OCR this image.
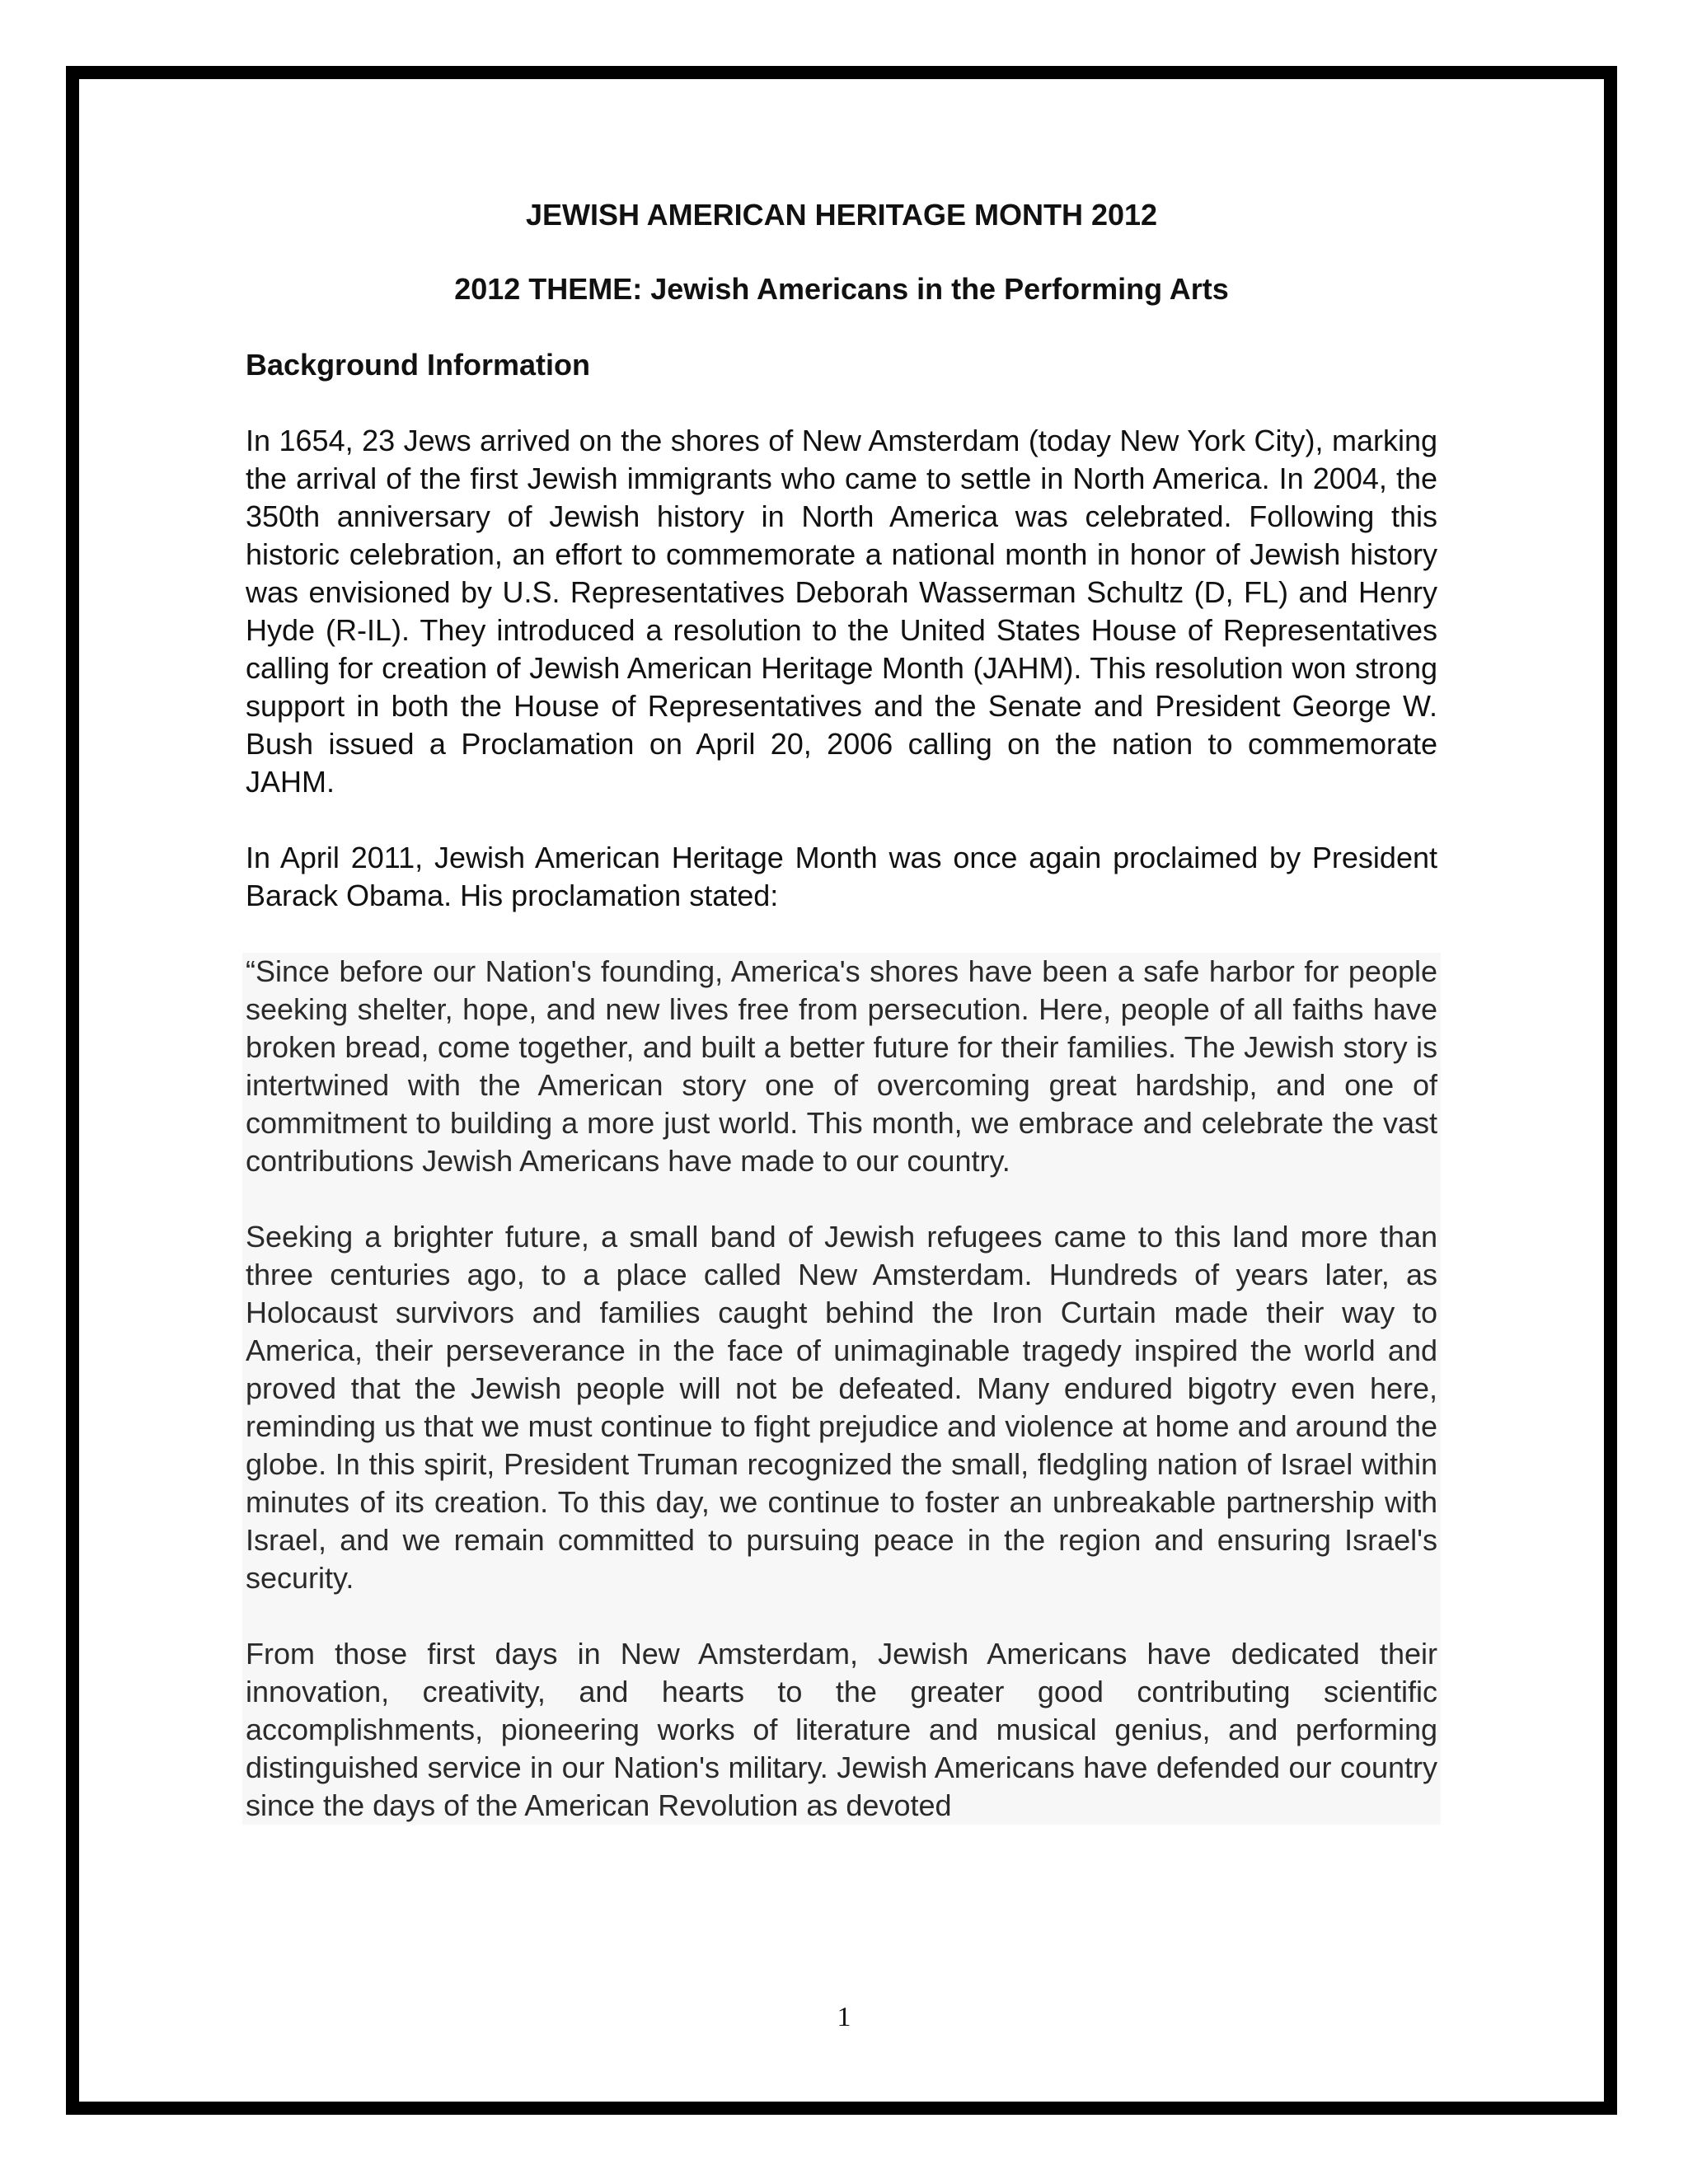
JEWISH AMERICAN HERITAGE MONTH 2012
2012 THEME: Jewish Americans in the Performing Arts
Background Information

In 1654, 23 Jews arrived on the shores of New Amsterdam (today New York City), marking the arrival of the first Jewish immigrants who came to settle in North America. In 2004, the 350th anniversary of Jewish history in North America was celebrated. Following this historic celebration, an effort to commemorate a national month in honor of Jewish history was envisioned by U.S. Representatives Deborah Wasserman Schultz (D, FL) and Henry Hyde (R-IL). They introduced a resolution to the United States House of Representatives calling for creation of Jewish American Heritage Month (JAHM). This resolution won strong support in both the House of Representatives and the Senate and President George W. Bush issued a Proclamation on April 20, 2006 calling on the nation to commemorate JAHM.

In April 2011, Jewish American Heritage Month was once again proclaimed by President Barack Obama. His proclamation stated:

“Since before our Nation's founding, America's shores have been a safe harbor for people seeking shelter, hope, and new lives free from persecution. Here, people of all faiths have broken bread, come together, and built a better future for their families. The Jewish story is intertwined with the American story one of overcoming great hardship, and one of commitment to building a more just world. This month, we embrace and celebrate the vast contributions Jewish Americans have made to our country.

Seeking a brighter future, a small band of Jewish refugees came to this land more than three centuries ago, to a place called New Amsterdam. Hundreds of years later, as Holocaust survivors and families caught behind the Iron Curtain made their way to America, their perseverance in the face of unimaginable tragedy inspired the world and proved that the Jewish people will not be defeated. Many endured bigotry even here, reminding us that we must continue to fight prejudice and violence at home and around the globe. In this spirit, President Truman recognized the small, fledgling nation of Israel within minutes of its creation. To this day, we continue to foster an unbreakable partnership with Israel, and we remain committed to pursuing peace in the region and ensuring Israel's security.

From those first days in New Amsterdam, Jewish Americans have dedicated their innovation, creativity, and hearts to the greater good contributing scientific accomplishments, pioneering works of literature and musical genius, and performing distinguished service in our Nation's military. Jewish Americans have defended our country since the days of the American Revolution as devoted

1
